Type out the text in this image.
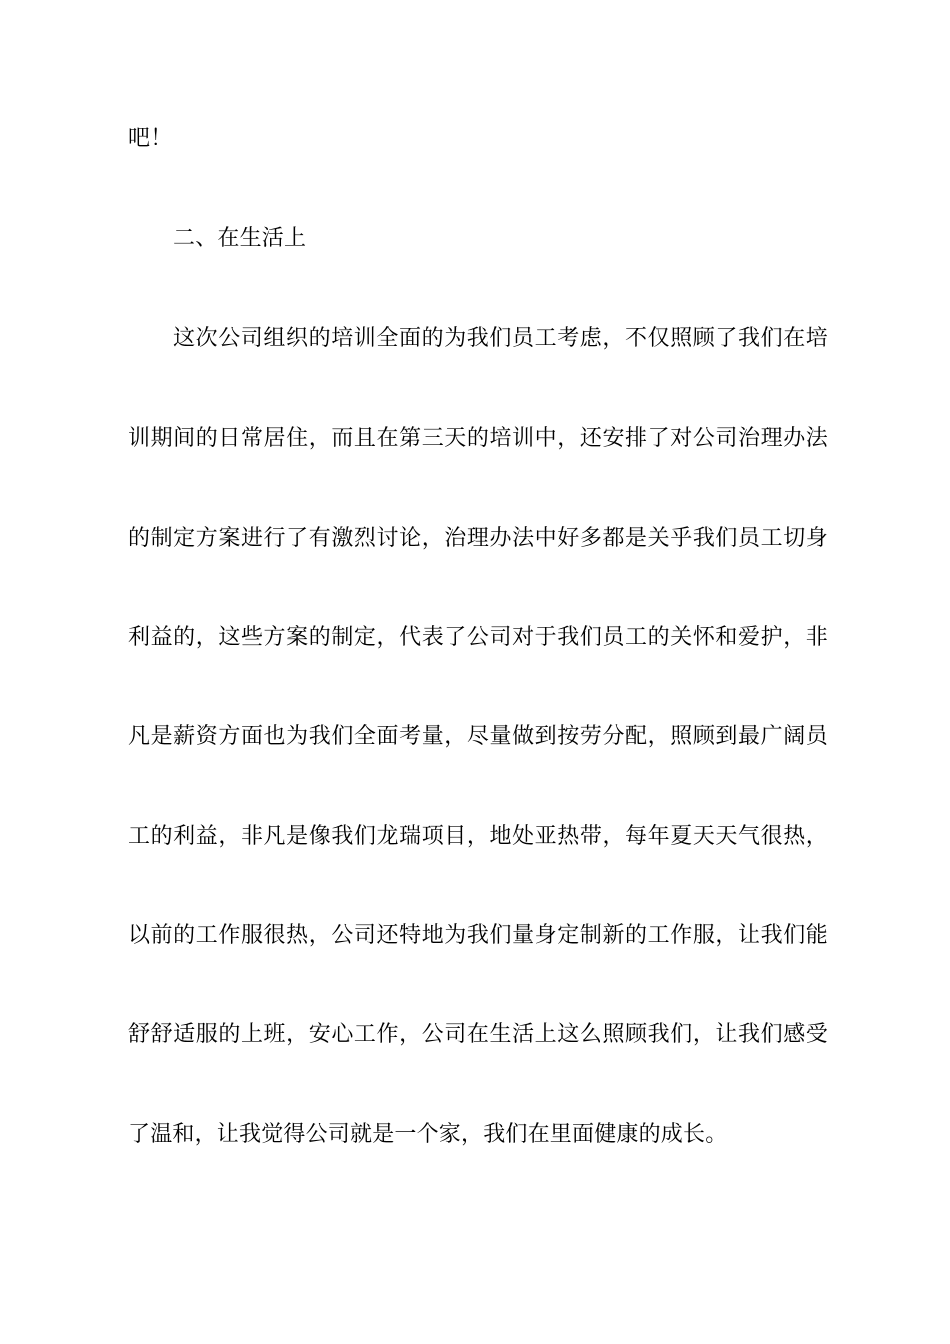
吧！
二、在生活上
这次公司组织的培训全面的为我们员工考虑，不仅照顾了我们在培
训期间的日常居住，而且在第三天的培训中，还安排了对公司治理办法
的制定方案进行了有激烈讨论，治理办法中好多都是关乎我们员工切身
利益的，这些方案的制定，代表了公司对于我们员工的关怀和爱护，非
凡是薪资方面也为我们全面考量，尽量做到按劳分配，照顾到最广阔员
工的利益，非凡是像我们龙瑞项目，地处亚热带，每年夏天天气很热，
以前的工作服很热，公司还特地为我们量身定制新的工作服，让我们能
舒舒适服的上班，安心工作，公司在生活上这么照顾我们，让我们感受
了温和，让我觉得公司就是一个家，我们在里面健康的成长。
